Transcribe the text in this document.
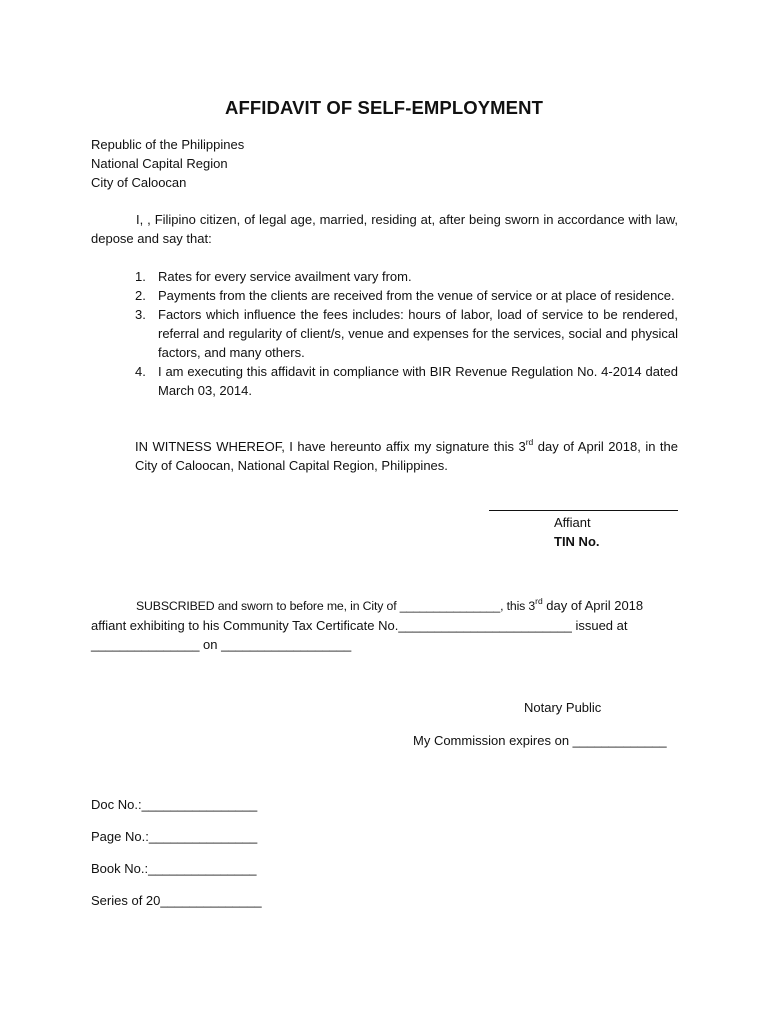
AFFIDAVIT OF SELF-EMPLOYMENT
Republic of the Philippines
National Capital Region
City of Caloocan
I, , Filipino citizen, of legal age, married, residing at, after being sworn in accordance with law, depose and say that:
1. Rates for every service availment vary from.
2. Payments from the clients are received from the venue of service or at place of residence.
3. Factors which influence the fees includes: hours of labor, load of service to be rendered, referral and regularity of client/s, venue and expenses for the services, social and physical factors, and many others.
4. I am executing this affidavit in compliance with BIR Revenue Regulation No. 4-2014 dated March 03, 2014.
IN WITNESS WHEREOF, I have hereunto affix my signature this 3rd day of April 2018, in the City of Caloocan, National Capital Region, Philippines.
Affiant
TIN No.
SUBSCRIBED and sworn to before me, in City of _______________, this 3rd day of April 2018
affiant exhibiting to his Community Tax Certificate No.________________________ issued at
_______________ on __________________
Notary Public
My Commission expires on _____________
Doc No.:________________
Page No.:_______________
Book No.:_______________
Series of 20______________
